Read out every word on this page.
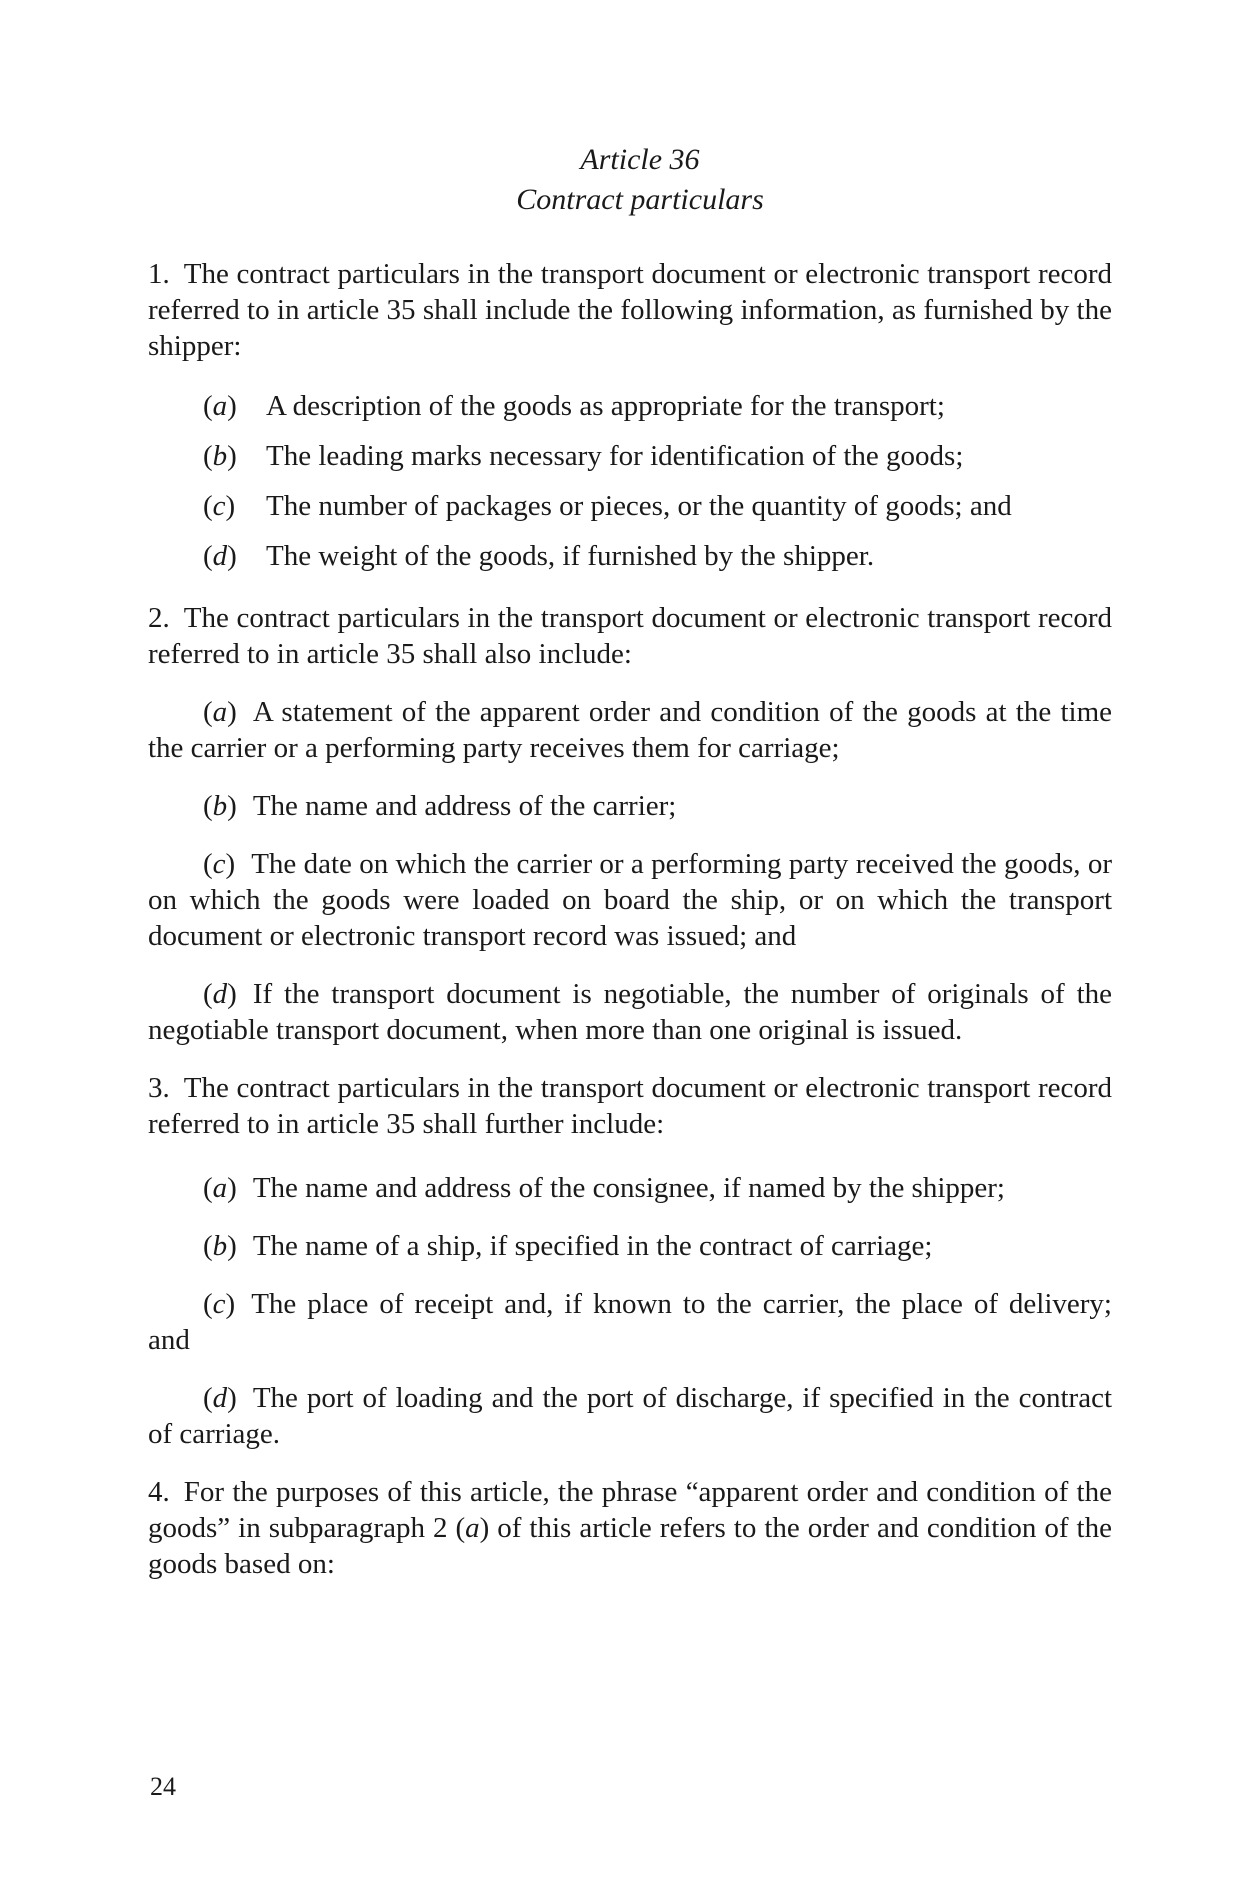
Article 36
Contract particulars

1. The contract particulars in the transport document or electronic transport record referred to in article 35 shall include the following information, as furnished by the shipper:

(a)	A description of the goods as appropriate for the transport;
(b)	The leading marks necessary for identification of the goods;
(c)	The number of packages or pieces, or the quantity of goods; and
(d)	The weight of the goods, if furnished by the shipper.

2. The contract particulars in the transport document or electronic transport record referred to in article 35 shall also include:

(a) A statement of the apparent order and condition of the goods at the time the carrier or a performing party receives them for carriage;

(b) The name and address of the carrier;

(c) The date on which the carrier or a performing party received the goods, or on which the goods were loaded on board the ship, or on which the transport document or electronic transport record was issued; and

(d) If the transport document is negotiable, the number of originals of the negotiable transport document, when more than one original is issued.

3. The contract particulars in the transport document or electronic transport record referred to in article 35 shall further include:

(a) The name and address of the consignee, if named by the shipper;

(b) The name of a ship, if specified in the contract of carriage;

(c) The place of receipt and, if known to the carrier, the place of delivery; and

(d) The port of loading and the port of discharge, if specified in the contract of carriage.

4. For the purposes of this article, the phrase “apparent order and condition of the goods” in subparagraph 2 (a) of this article refers to the order and condition of the goods based on:

24
